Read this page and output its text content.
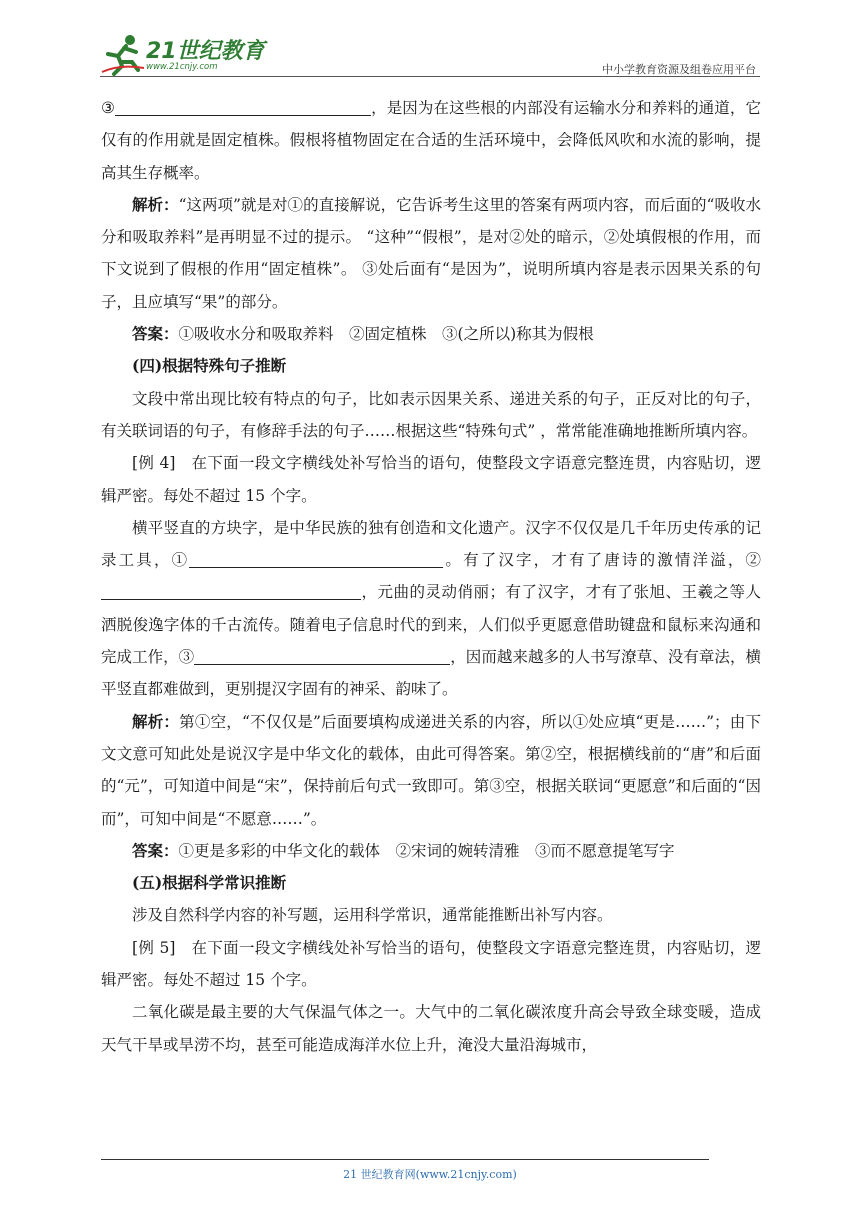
21世纪教育
www.21cnjy.com	中小学教育资源及组卷应用平台

③	，是因为在这些根的内部没有运输水分和养料的通道，它仅有的作用就是固定植株。假根将植物固定在合适的生活环境中，会降低风吹和水流的影响，提高其生存概率。

解析：“这两项”就是对①的直接解说，它告诉考生这里的答案有两项内容，而后面的“吸收水分和吸取养料”是再明显不过的提示。 “这种”“假根”，是对②处的暗示，②处填假根的作用，而下文说到了假根的作用“固定植株”。 ③处后面有“是因为”，说明所填内容是表示因果关系的句子，且应填写“果”的部分。

答案：①吸收水分和吸取养料　②固定植株　③(之所以)称其为假根

(四)根据特殊句子推断

文段中常出现比较有特点的句子，比如表示因果关系、递进关系的句子，正反对比的句子，有关联词语的句子，有修辞手法的句子……根据这些“特殊句式” ，常常能准确地推断所填内容。

[例 4]　在下面一段文字横线处补写恰当的语句，使整段文字语意完整连贯，内容贴切，逻辑严密。每处不超过 15 个字。

横平竖直的方块字，是中华民族的独有创造和文化遗产。汉字不仅仅是几千年历史传承的记录工具，①	。有了汉字，才有了唐诗的激情洋溢，②，元曲的灵动俏丽；有了汉字，才有了张旭、王羲之等人洒脱俊逸字体的千古流传。随着电子信息时代的到来，人们似乎更愿意借助键盘和鼠标来沟通和完成工作，③	，因而越来越多的人书写潦草、没有章法，横平竖直都难做到，更别提汉字固有的神采、韵味了。

解析：第①空，“不仅仅是”后面要填构成递进关系的内容，所以①处应填“更是……”；由下文文意可知此处是说汉字是中华文化的载体，由此可得答案。第②空，根据横线前的“唐”和后面的“元”，可知道中间是“宋”，保持前后句式一致即可。第③空，根据关联词“更愿意”和后面的“因而”，可知中间是“不愿意……”。

答案：①更是多彩的中华文化的载体　②宋词的婉转清雅　③而不愿意提笔写字

(五)根据科学常识推断

涉及自然科学内容的补写题，运用科学常识，通常能推断出补写内容。

[例 5]　在下面一段文字横线处补写恰当的语句，使整段文字语意完整连贯，内容贴切，逻辑严密。每处不超过 15 个字。

二氧化碳是最主要的大气保温气体之一。大气中的二氧化碳浓度升高会导致全球变暖，造成天气干旱或旱涝不均，甚至可能造成海洋水位上升，淹没大量沿海城市，

21 世纪教育网(www.21cnjy.com)
